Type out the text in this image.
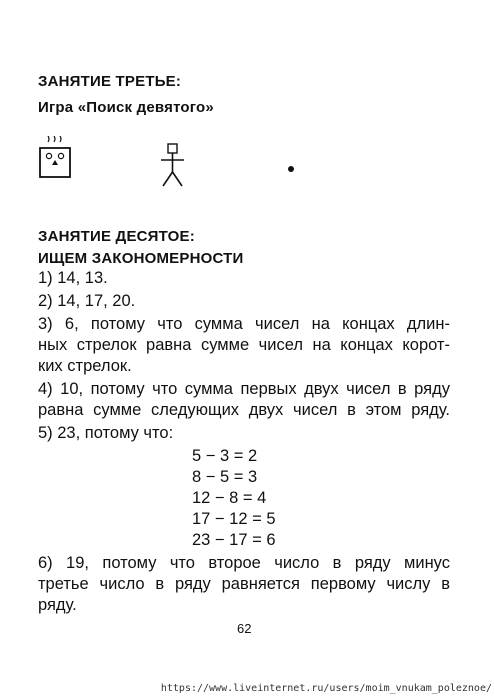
ЗАНЯТИЕ ТРЕТЬЕ:
Игра «Поиск девятого»
ЗАНЯТИЕ ДЕСЯТОЕ:
ИЩЕМ ЗАКОНОМЕРНОСТИ
1) 14, 13.
2) 14, 17, 20.
3) 6, потому что сумма чисел на концах длин-
ных стрелок равна сумме чисел на концах корот-
ких стрелок.
4) 10, потому что сумма первых двух чисел в ряду
равна сумме следующих двух чисел в этом ряду.
5) 23, потому что:
5 − 3 = 2
8 − 5 = 3
12 − 8 = 4
17 − 12 = 5
23 − 17 = 6
6) 19, потому что второе число в ряду минус
третье число в ряду равняется первому числу в
ряду.
62
https://www.liveinternet.ru/users/moim_vnukam_poleznoe/
